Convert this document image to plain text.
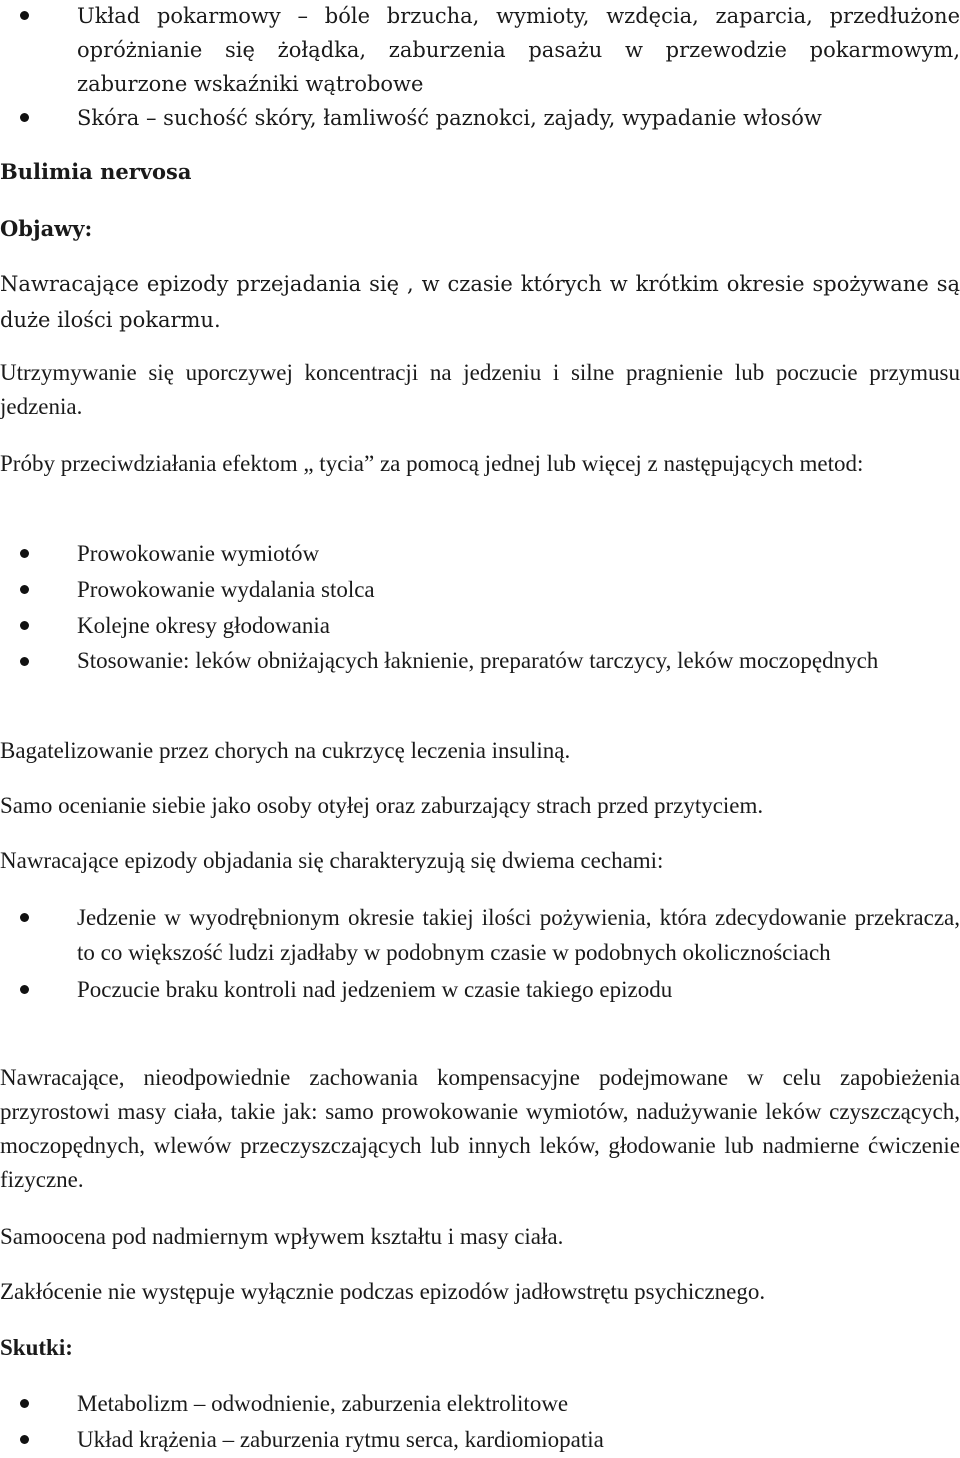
Układ pokarmowy – bóle brzucha, wymioty, wzdęcia, zaparcia, przedłużone opróżnianie się żołądka, zaburzenia pasażu w przewodzie pokarmowym, zaburzone wskaźniki wątrobowe
Skóra – suchość skóry, łamliwość paznokci, zajady, wypadanie włosów
Bulimia nervosa
Objawy:
Nawracające epizody przejadania się , w czasie których w krótkim okresie spożywane są duże ilości pokarmu.
Utrzymywanie się uporczywej koncentracji na jedzeniu i silne pragnienie lub poczucie przymusu jedzenia.
Próby przeciwdziałania efektom „ tycia” za pomocą jednej lub więcej z następujących metod:
Prowokowanie wymiotów
Prowokowanie wydalania stolca
Kolejne okresy głodowania
Stosowanie: leków obniżających łaknienie, preparatów tarczycy, leków moczopędnych
Bagatelizowanie przez chorych na cukrzycę leczenia insuliną.
Samo ocenianie siebie jako osoby otyłej oraz zaburzający strach przed przytyciem.
Nawracające epizody objadania się charakteryzują się dwiema cechami:
Jedzenie w wyodrębnionym okresie takiej ilości pożywienia, która zdecydowanie przekracza, to co większość ludzi zjadłaby w podobnym czasie w podobnych okolicznościach
Poczucie braku kontroli nad jedzeniem w czasie takiego epizodu
Nawracające, nieodpowiednie zachowania kompensacyjne podejmowane w celu zapobieżenia przyrostowi masy ciała, takie jak: samo prowokowanie wymiotów, nadużywanie leków czyszczących, moczopędnych, wlewów przeczyszczających lub innych leków, głodowanie lub nadmierne ćwiczenie fizyczne.
Samoocena pod nadmiernym wpływem kształtu i masy ciała.
Zakłócenie nie występuje wyłącznie podczas epizodów jadłowstrętu psychicznego.
Skutki:
Metabolizm – odwodnienie, zaburzenia elektrolitowe
Układ krążenia – zaburzenia rytmu serca, kardiomiopatia
